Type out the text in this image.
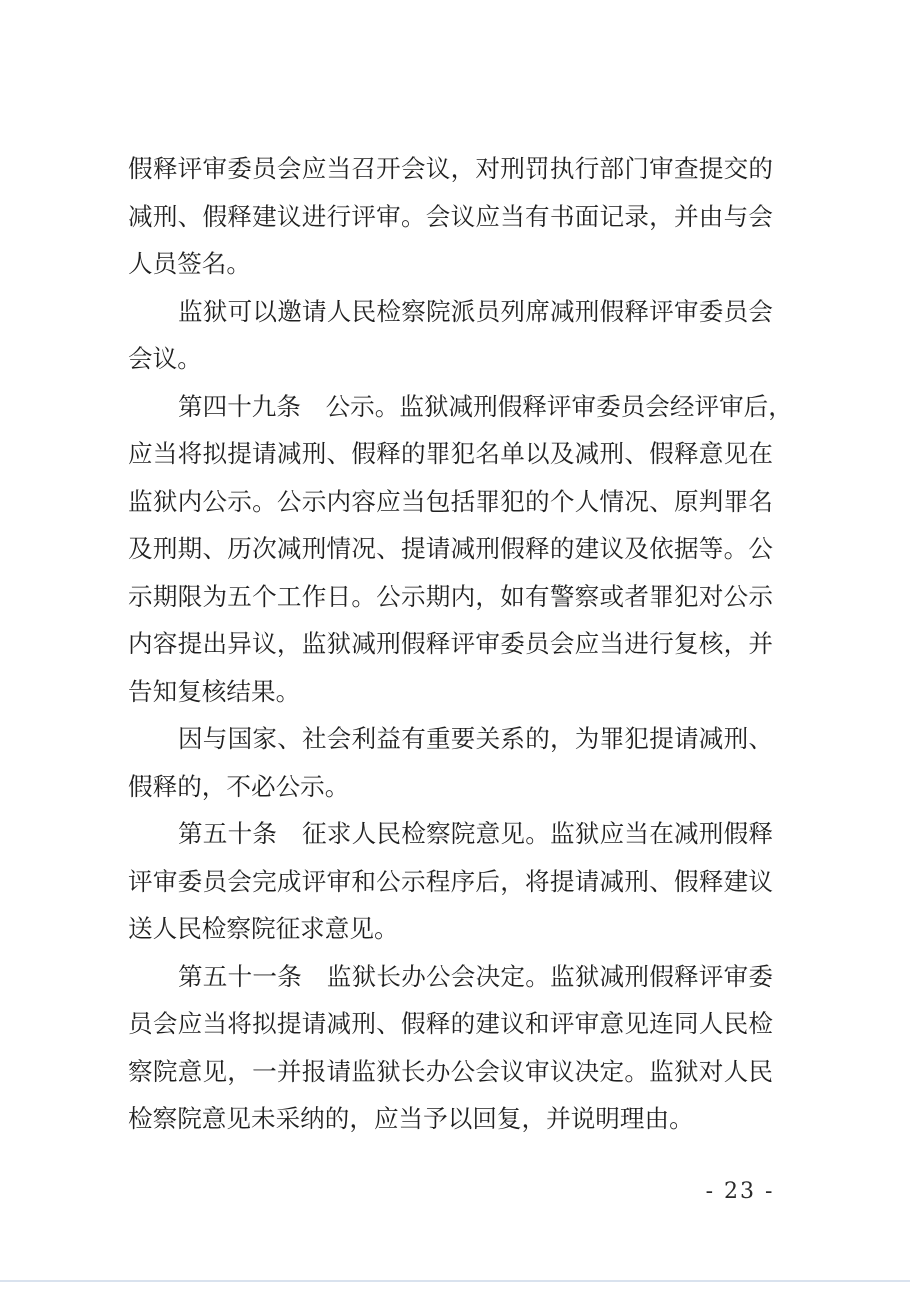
假释评审委员会应当召开会议，对刑罚执行部门审查提交的
减刑、假释建议进行评审。会议应当有书面记录，并由与会
人员签名。
监狱可以邀请人民检察院派员列席减刑假释评审委员会
会议。
第四十九条　公示。监狱减刑假释评审委员会经评审后，
应当将拟提请减刑、假释的罪犯名单以及减刑、假释意见在
监狱内公示。公示内容应当包括罪犯的个人情况、原判罪名
及刑期、历次减刑情况、提请减刑假释的建议及依据等。公
示期限为五个工作日。公示期内，如有警察或者罪犯对公示
内容提出异议，监狱减刑假释评审委员会应当进行复核，并
告知复核结果。
因与国家、社会利益有重要关系的，为罪犯提请减刑、
假释的，不必公示。
第五十条　征求人民检察院意见。监狱应当在减刑假释
评审委员会完成评审和公示程序后，将提请减刑、假释建议
送人民检察院征求意见。
第五十一条　监狱长办公会决定。监狱减刑假释评审委
员会应当将拟提请减刑、假释的建议和评审意见连同人民检
察院意见，一并报请监狱长办公会议审议决定。监狱对人民
检察院意见未采纳的，应当予以回复，并说明理由。
- 23 -
